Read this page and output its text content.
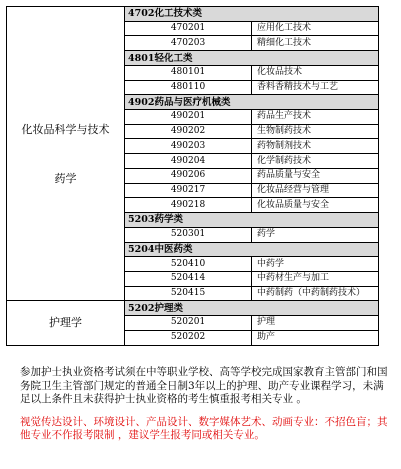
化妆品科学与技术
药学	4702化工技术类	
	470201	应用化工技术
	470203	精细化工技术
	4801轻化工类	
	480101	化妆品技术
	480110	香料香精技术与工艺
	4902药品与医疗机械类	
	490201	药品生产技术
	490202	生物制药技术
	490203	药物制剂技术
	490204	化学制药技术
	490206	药品质量与安全
	490217	化妆品经营与管理
	490218	化妆品质量与安全
	5203药学类	
	520301	药学
	5204中医药类	
	520410	中药学
	520414	中药材生产与加工
	520415	中药制药（中药制药技术）

护理学	5202护理类	
	520201	护理
	520202	助产

参加护士执业资格考试须在中等职业学校、高等学校完成国家教育主管部门和国务院卫生主管部门规定的普通全日制3年以上的护理、助产专业课程学习，未满足以上条件且未获得护士执业资格的考生慎重报考相关专业 。

视觉传达设计、环境设计、产品设计、数字媒体艺术、动画专业：不招色盲；其他专业不作报考限制 ，建议学生报考同或相关专业。
